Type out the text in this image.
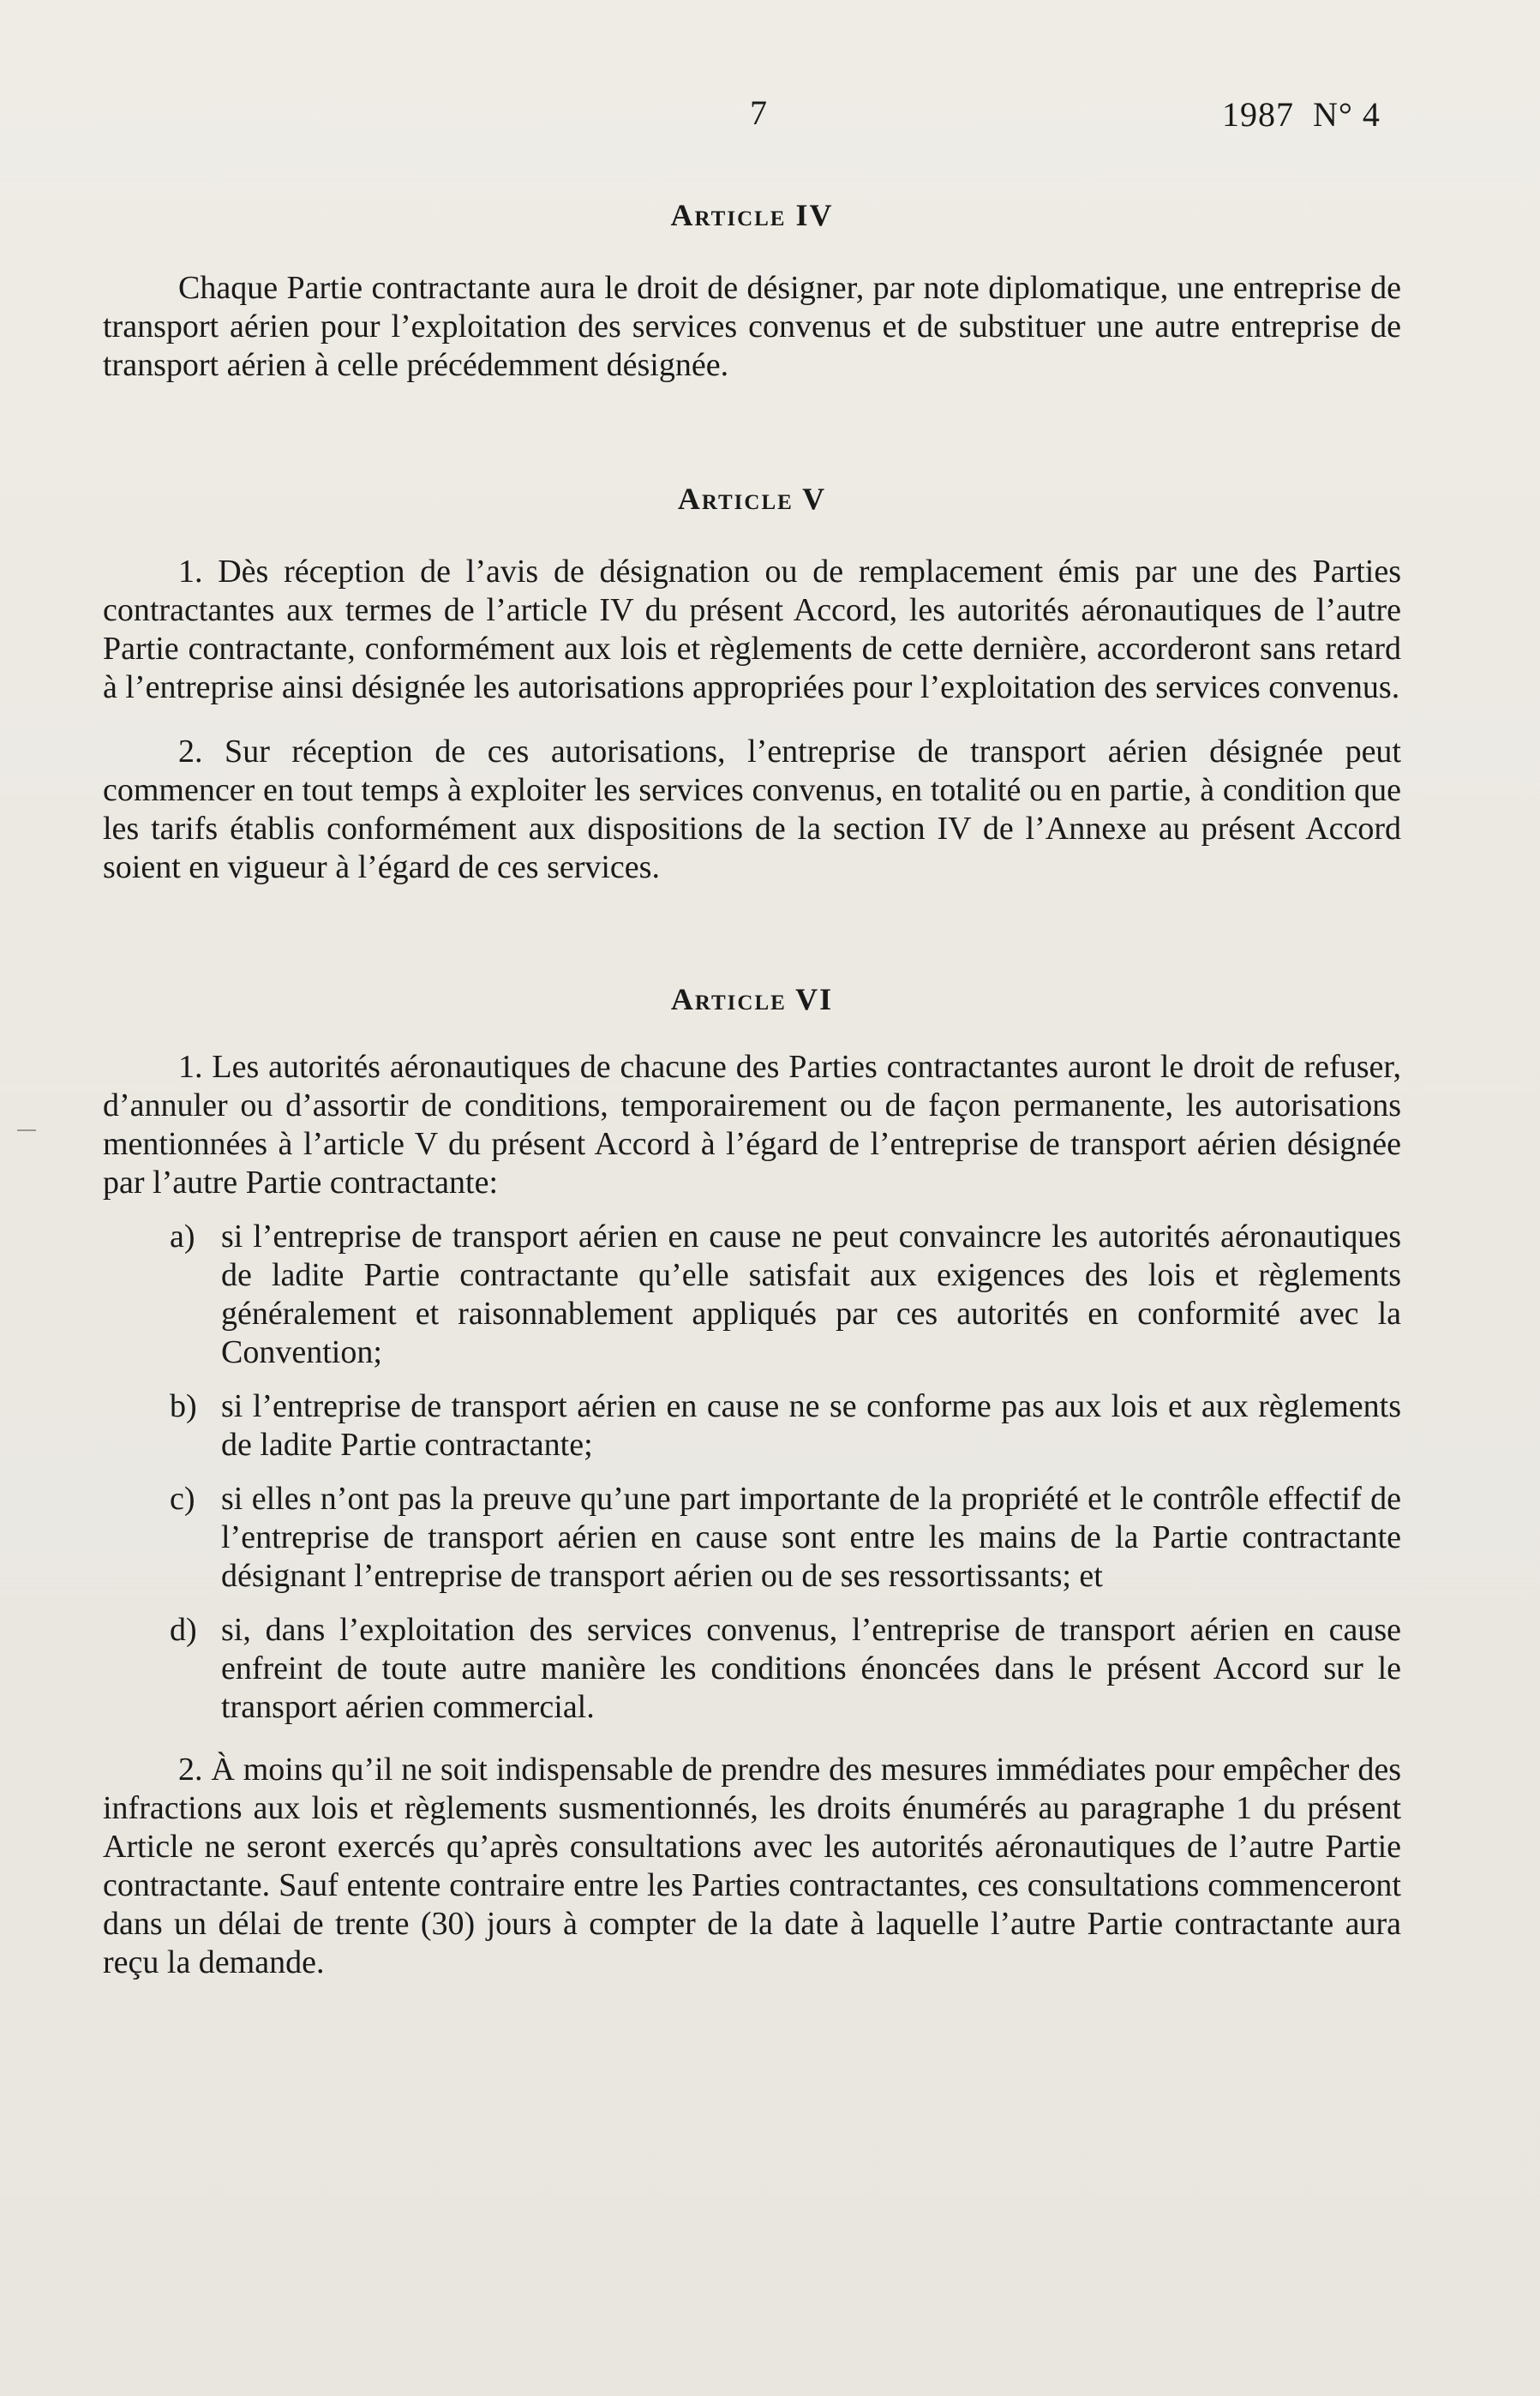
7	1987  N° 4
Article IV

Chaque Partie contractante aura le droit de désigner, par note diplomatique, une entreprise de transport aérien pour l’exploitation des services convenus et de substituer une autre entreprise de transport aérien à celle précédemment désignée.

Article V

1. Dès réception de l’avis de désignation ou de remplacement émis par une des Parties contractantes aux termes de l’article IV du présent Accord, les autorités aéronautiques de l’autre Partie contractante, conformément aux lois et règlements de cette dernière, accorderont sans retard à l’entreprise ainsi désignée les autorisations appropriées pour l’exploitation des services convenus.

2. Sur réception de ces autorisations, l’entreprise de transport aérien désignée peut commencer en tout temps à exploiter les services convenus, en totalité ou en partie, à condition que les tarifs établis conformément aux dispositions de la section IV de l’Annexe au présent Accord soient en vigueur à l’égard de ces services.

Article VI

1. Les autorités aéronautiques de chacune des Parties contractantes auront le droit de refuser, d’annuler ou d’assortir de conditions, temporairement ou de façon permanente, les autorisations mentionnées à l’article V du présent Accord à l’égard de l’entreprise de transport aérien désignée par l’autre Partie contractante:

a) si l’entreprise de transport aérien en cause ne peut convaincre les autorités aéronautiques de ladite Partie contractante qu’elle satisfait aux exigences des lois et règlements généralement et raisonnablement appliqués par ces autorités en conformité avec la Convention;
b) si l’entreprise de transport aérien en cause ne se conforme pas aux lois et aux règlements de ladite Partie contractante;
c) si elles n’ont pas la preuve qu’une part importante de la propriété et le contrôle effectif de l’entreprise de transport aérien en cause sont entre les mains de la Partie contractante désignant l’entreprise de transport aérien ou de ses ressortissants; et
d) si, dans l’exploitation des services convenus, l’entreprise de transport aérien en cause enfreint de toute autre manière les conditions énoncées dans le présent Accord sur le transport aérien commercial.

2. À moins qu’il ne soit indispensable de prendre des mesures immédiates pour empêcher des infractions aux lois et règlements susmentionnés, les droits énumérés au paragraphe 1 du présent Article ne seront exercés qu’après consultations avec les autorités aéronautiques de l’autre Partie contractante. Sauf entente contraire entre les Parties contractantes, ces consultations commenceront dans un délai de trente (30) jours à compter de la date à laquelle l’autre Partie contractante aura reçu la demande.
